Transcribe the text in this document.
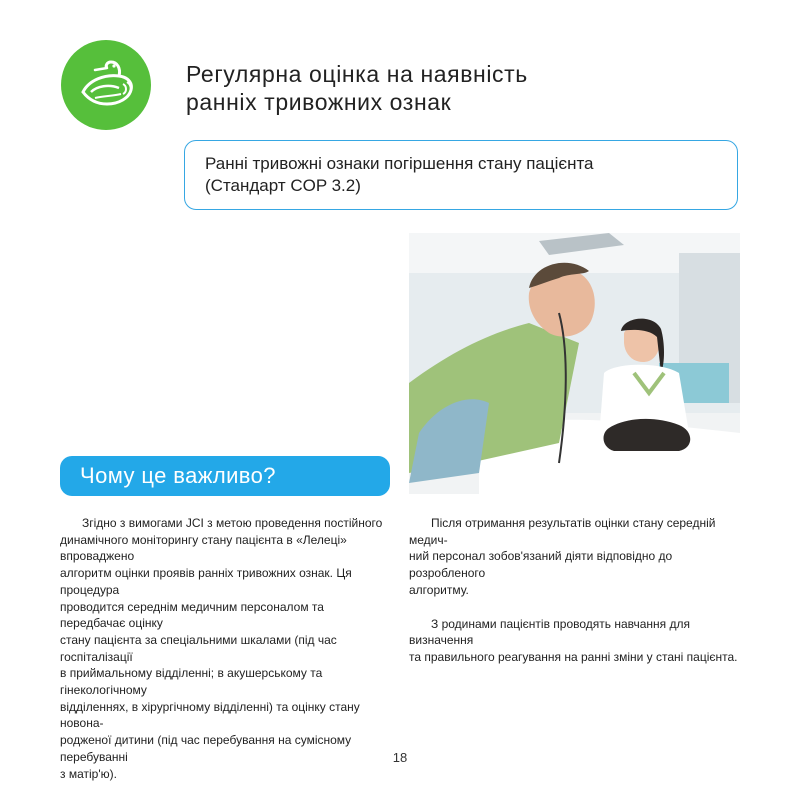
Регулярна оцінка на наявність
ранніх тривожних ознак
Ранні тривожні ознаки погіршення стану пацієнта
(Стандарт COP 3.2)
Чому це важливо?

Згідно з вимогами JCI з метою проведення постійного
динамічного моніторингу стану пацієнта в «Лелеці» впроваджено
алгоритм оцінки проявів ранніх тривожних ознак. Ця процедура
проводится середнім медичним персоналом та передбачає оцінку
стану пацієнта за спеціальними шкалами (під час госпіталізації
в приймальному відділенні; в акушерському та гінекологічному
відділеннях, в хірургічному відділенні) та оцінку стану новона-
родженої дитини (під час перебування на сумісному перебуванні
з матір'ю).

Після отримання результатів оцінки стану середній медич-
ний персонал зобов'язаний діяти відповідно до розробленого
алгоритму.

З родинами пацієнтів проводять навчання для визначення
та правильного реагування на ранні зміни у стані пацієнта.

18
